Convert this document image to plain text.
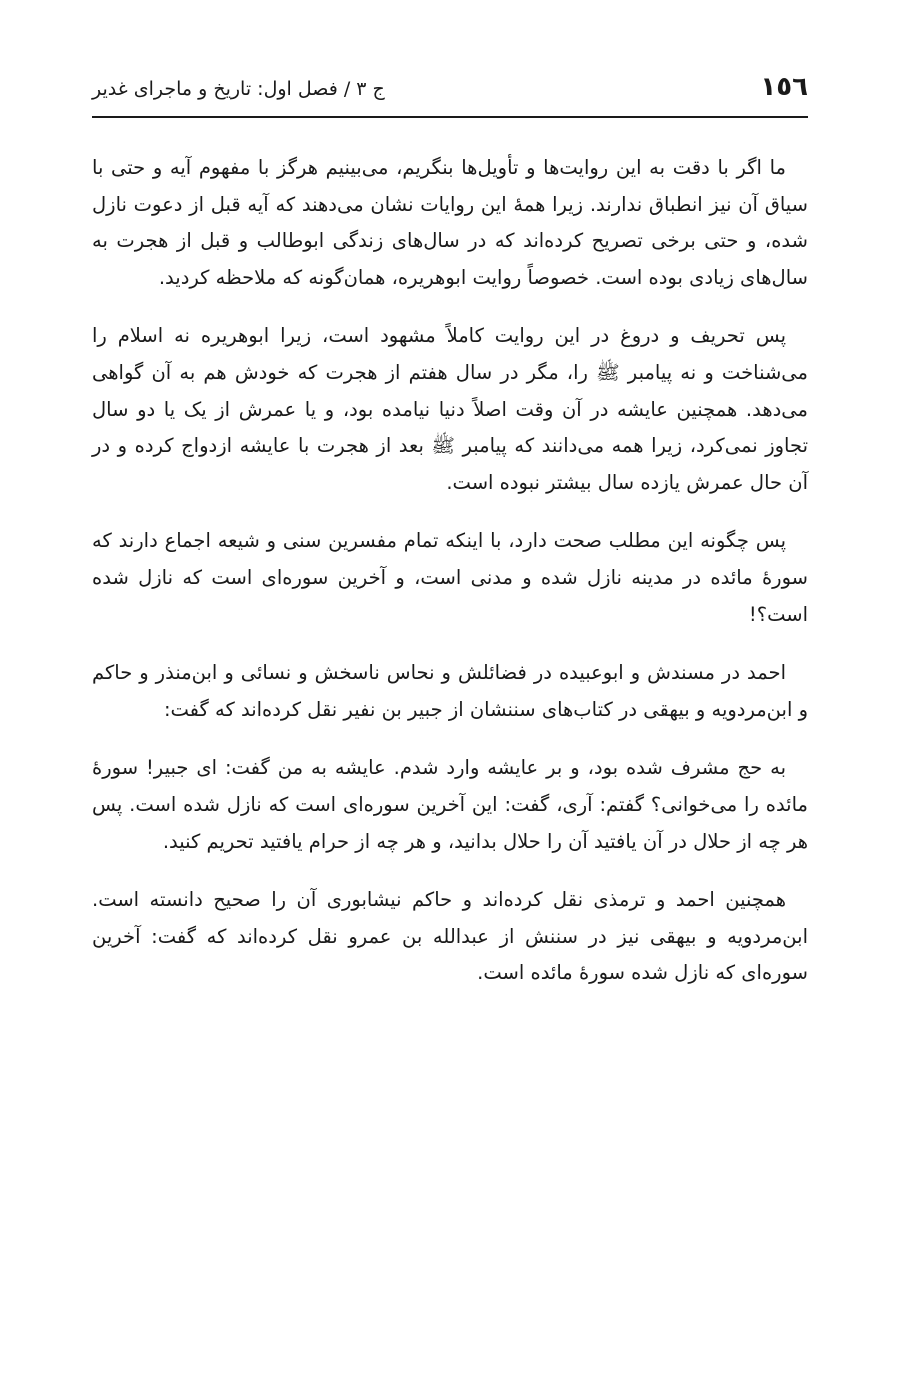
١٥٦
ج ٣ / فصل اول: تاريخ و ماجراى غدير

ما اگر با دقت به اين روايت‌ها و تأويل‌ها بنگريم، مى‌بينيم هرگز با مفهوم آيه و حتى با سياق آن نيز انطباق ندارند. زيرا همهٔ اين روايات نشان مى‌دهند كه آيه قبل از دعوت نازل شده، و حتى برخى تصريح كرده‌اند كه در سال‌هاى زندگى ابوطالب و قبل از هجرت به سال‌هاى زيادى بوده است. خصوصاً روايت ابوهريره، همان‌گونه كه ملاحظه كرديد.

پس تحريف و دروغ در اين روايت كاملاً مشهود است، زيرا ابوهريره نه اسلام را مى‌شناخت و نه پيامبر ﷺ را، مگر در سال هفتم از هجرت كه خودش هم به آن گواهى مى‌دهد. همچنين عايشه در آن وقت اصلاً دنيا نيامده بود، و يا عمرش از يک يا دو سال تجاوز نمى‌كرد، زيرا همه مى‌دانند كه پيامبر ﷺ بعد از هجرت با عايشه ازدواج كرده و در آن حال عمرش يازده سال بيشتر نبوده است.

پس چگونه اين مطلب صحت دارد، با اينكه تمام مفسرين سنى و شيعه اجماع دارند كه سورهٔ مائده در مدينه نازل شده و مدنى است، و آخرين سوره‌اى است كه نازل شده است؟!

احمد در مسندش و ابوعبيده در فضائلش و نحاس ناسخش و نسائى و ابن‌منذر و حاكم و ابن‌مردويه و بيهقى در كتاب‌هاى سننشان از جبير بن نفير نقل كرده‌اند كه گفت:

به حج مشرف شده بود، و بر عايشه وارد شدم. عايشه به من گفت: اى جبير! سورهٔ مائده را مى‌خوانى؟ گفتم: آرى، گفت: اين آخرين سوره‌اى است كه نازل شده است. پس هر چه از حلال در آن يافتيد آن را حلال بدانيد، و هر چه از حرام يافتيد تحريم كنيد.

همچنين احمد و ترمذى نقل كرده‌اند و حاكم نيشابورى آن را صحيح دانسته است. ابن‌مردويه و بيهقى نيز در سننش از عبدالله بن عمرو نقل كرده‌اند كه گفت: آخرين سوره‌اى كه نازل شده سورهٔ مائده است.
